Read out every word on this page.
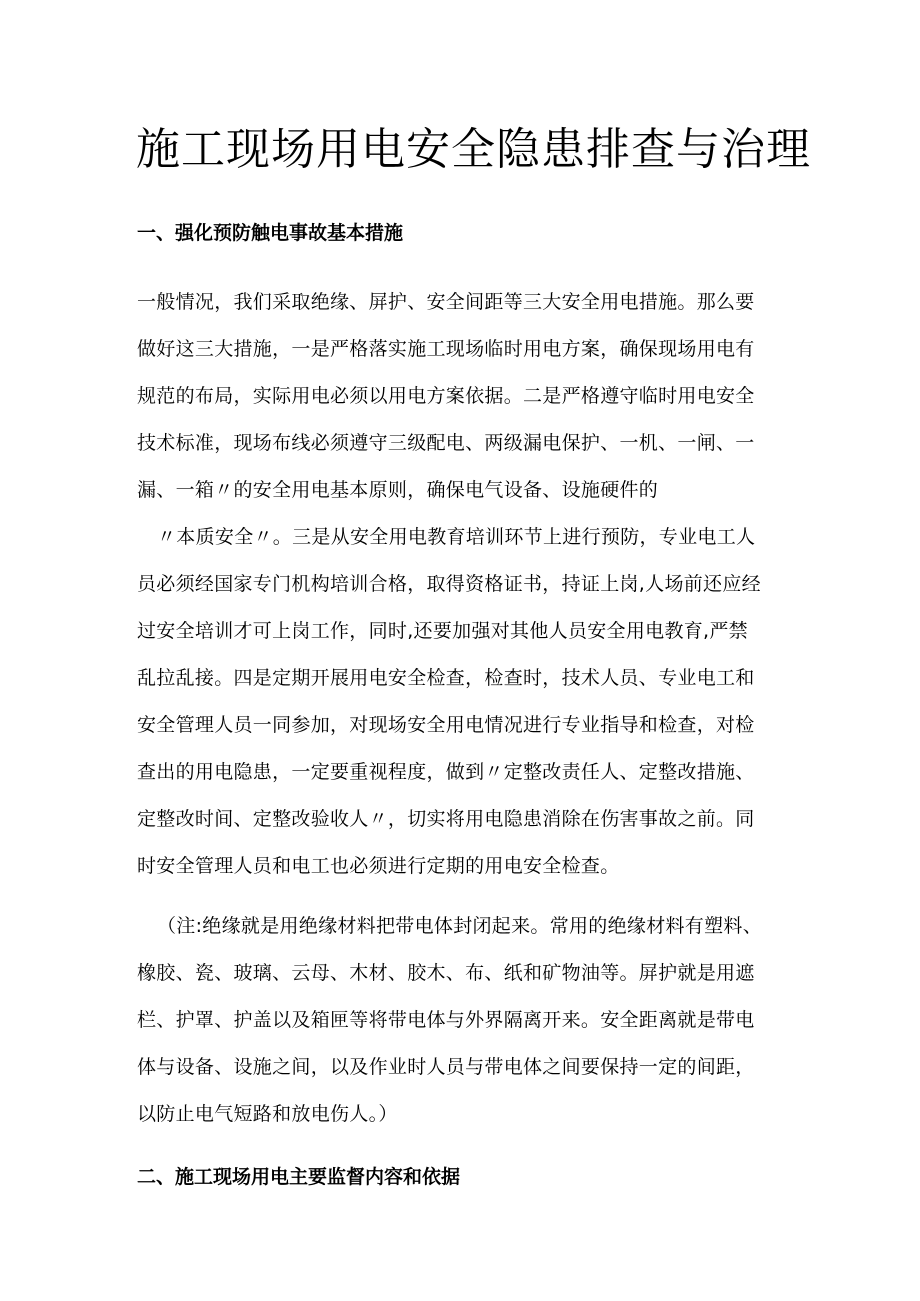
施工现场用电安全隐患排查与治理
一、强化预防触电事故基本措施
一般情况，我们采取绝缘、屏护、安全间距等三大安全用电措施。那么要
做好这三大措施，一是严格落实施工现场临时用电方案，确保现场用电有
规范的布局，实际用电必须以用电方案依据。二是严格遵守临时用电安全
技术标准，现场布线必须遵守三级配电、两级漏电保护、一机、一闸、一
漏、一箱〃的安全用电基本原则，确保电气设备、设施硬件的
〃本质安全〃。三是从安全用电教育培训环节上进行预防，专业电工人
员必须经国家专门机构培训合格，取得资格证书，持证上岗,人场前还应经
过安全培训才可上岗工作，同时,还要加强对其他人员安全用电教育,严禁
乱拉乱接。四是定期开展用电安全检查，检查时，技术人员、专业电工和
安全管理人员一同参加，对现场安全用电情况进行专业指导和检查，对检
查出的用电隐患，一定要重视程度，做到〃定整改责任人、定整改措施、
定整改时间、定整改验收人〃，切实将用电隐患消除在伤害事故之前。同
时安全管理人员和电工也必须进行定期的用电安全检查。
（注:绝缘就是用绝缘材料把带电体封闭起来。常用的绝缘材料有塑料、
橡胶、瓷、玻璃、云母、木材、胶木、布、纸和矿物油等。屏护就是用遮
栏、护罩、护盖以及箱匣等将带电体与外界隔离开来。安全距离就是带电
体与设备、设施之间，以及作业时人员与带电体之间要保持一定的间距，
以防止电气短路和放电伤人。）
二、施工现场用电主要监督内容和依据
